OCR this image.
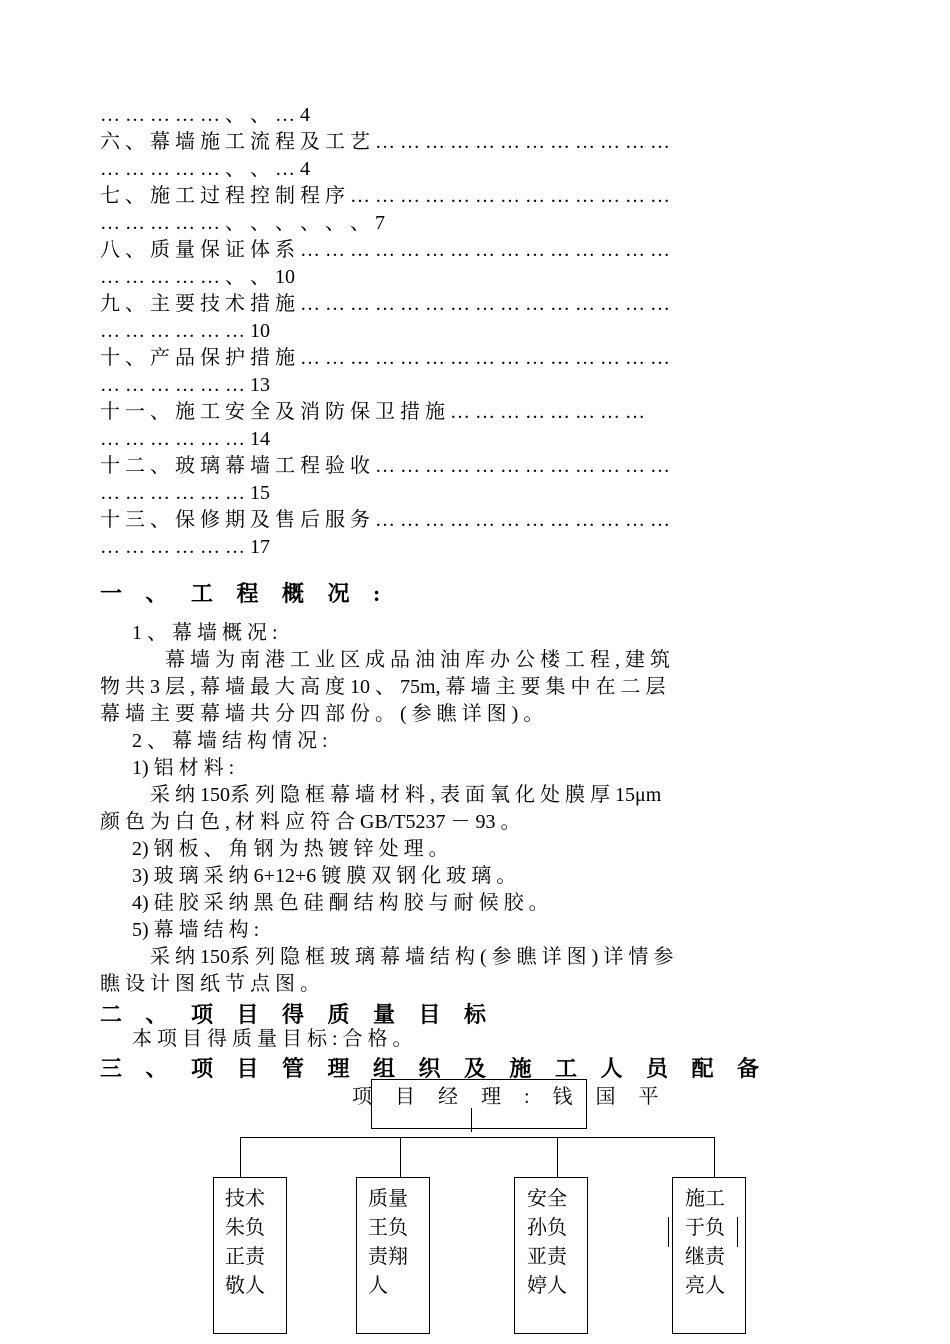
… … … … … 、 、 … 4
六 、 幕 墙 施 工 流 程 及 工 艺 … … … … … … … … … … … …
… … … … … 、 、 … 4
七 、 施 工 过 程 控 制 程 序 … … … … … … … … … … … … …
… … … … … 、 、 、 、 、 、 7
八 、 质 量 保 证 体 系 … … … … … … … … … … … … … … …
… … … … … 、 、 10
九 、 主 要 技 术 措 施 … … … … … … … … … … … … … … …
… … … … … … 10
十 、 产 品 保 护 措 施 … … … … … … … … … … … … … … …
… … … … … … 13
十 一 、 施 工 安 全 及 消 防 保 卫 措 施 … … … … … … … …
… … … … … … 14
十 二 、 玻 璃 幕 墙 工 程 验 收 … … … … … … … … … … … …
… … … … … … 15
十 三 、 保 修 期 及 售 后 服 务 … … … … … … … … … … … …
… … … … … … 17
一 、 工 程 概 况 :
1 、 幕 墙 概 况 :
幕 墙 为 南 港 工 业 区 成 品 油 油 库 办 公 楼 工 程 , 建 筑
物 共 3 层 , 幕 墙 最 大 高 度 10 、 75m, 幕 墙 主 要 集 中 在 二 层
幕 墙 主 要 幕 墙 共 分 四 部 份 。 ( 参 瞧 详 图 ) 。
2 、 幕 墙 结 构 情 况 :
1) 铝 材 料 :
采 纳 150系 列 隐 框 幕 墙 材 料 , 表 面 氧 化 处 膜 厚 15μm
颜 色 为 白 色 , 材 料 应 符 合 GB/T5237 － 93 。
2) 钢 板 、 角 钢 为 热 镀 锌 处 理 。
3) 玻 璃 采 纳 6+12+6 镀 膜 双 钢 化 玻 璃 。
4) 硅 胶 采 纳 黑 色 硅 酮 结 构 胶 与 耐 候 胶 。
5) 幕 墙 结 构 :
采 纳 150系 列 隐 框 玻 璃 幕 墙 结 构 ( 参 瞧 详 图 ) 详 情 参
瞧 设 计 图 纸 节 点 图 。
二 、 项 目 得 质 量 目 标
本 项 目 得 质 量 目 标 : 合 格 。
三 、 项 目 管 理 组 织 及 施 工 人 员 配 备
项 目 经 理 : 钱 国 平
技术朱负正责敬人
质量王负责翔人
安全孙负亚责婷人
施工于负继责亮人
